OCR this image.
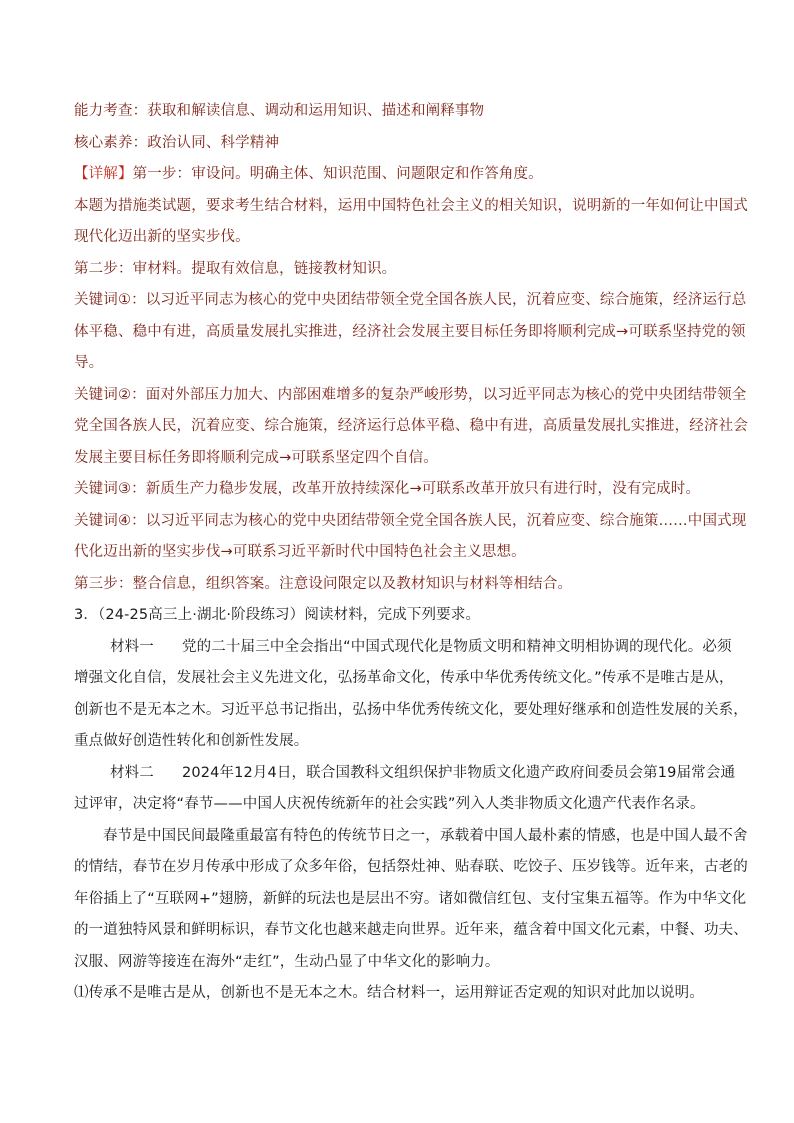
能力考查：获取和解读信息、调动和运用知识、描述和阐释事物

核心素养：政治认同、科学精神

【详解】第一步：审设问。明确主体、知识范围、问题限定和作答角度。

本题为措施类试题，要求考生结合材料，运用中国特色社会主义的相关知识，说明新的一年如何让中国式

现代化迈出新的坚实步伐。

第二步：审材料。提取有效信息，链接教材知识。

关键词①：以习近平同志为核心的党中央团结带领全党全国各族人民，沉着应变、综合施策，经济运行总

体平稳、稳中有进，高质量发展扎实推进，经济社会发展主要目标任务即将顺利完成→可联系坚持党的领

导。

关键词②：面对外部压力加大、内部困难增多的复杂严峻形势，以习近平同志为核心的党中央团结带领全

党全国各族人民，沉着应变、综合施策，经济运行总体平稳、稳中有进，高质量发展扎实推进，经济社会

发展主要目标任务即将顺利完成→可联系坚定四个自信。

关键词③：新质生产力稳步发展，改革开放持续深化→可联系改革开放只有进行时，没有完成时。

关键词④：以习近平同志为核心的党中央团结带领全党全国各族人民，沉着应变、综合施策……中国式现

代化迈出新的坚实步伐→可联系习近平新时代中国特色社会主义思想。

第三步：整合信息，组织答案。注意设问限定以及教材知识与材料等相结合。

3．（24-25高三上·湖北·阶段练习）阅读材料，完成下列要求。

材料一 党的二十届三中全会指出“中国式现代化是物质文明和精神文明相协调的现代化。必须

增强文化自信，发展社会主义先进文化，弘扬革命文化，传承中华优秀传统文化。”传承不是唯古是从，

创新也不是无本之木。习近平总书记指出，弘扬中华优秀传统文化，要处理好继承和创造性发展的关系，

重点做好创造性转化和创新性发展。

材料二 2024年12月4日，联合国教科文组织保护非物质文化遗产政府间委员会第19届常会通

过评审，决定将“春节——中国人庆祝传统新年的社会实践”列入人类非物质文化遗产代表作名录。

春节是中国民间最隆重最富有特色的传统节日之一，承载着中国人最朴素的情感，也是中国人最不舍

的情结，春节在岁月传承中形成了众多年俗，包括祭灶神、贴春联、吃饺子、压岁钱等。近年来，古老的

年俗插上了“互联网+”翅膀，新鲜的玩法也是层出不穷。诸如微信红包、支付宝集五福等。作为中华文化

的一道独特风景和鲜明标识，春节文化也越来越走向世界。近年来，蕴含着中国文化元素，中餐、功夫、

汉服、网游等接连在海外“走红”，生动凸显了中华文化的影响力。

⑴传承不是唯古是从，创新也不是无本之木。结合材料一，运用辩证否定观的知识对此加以说明。
